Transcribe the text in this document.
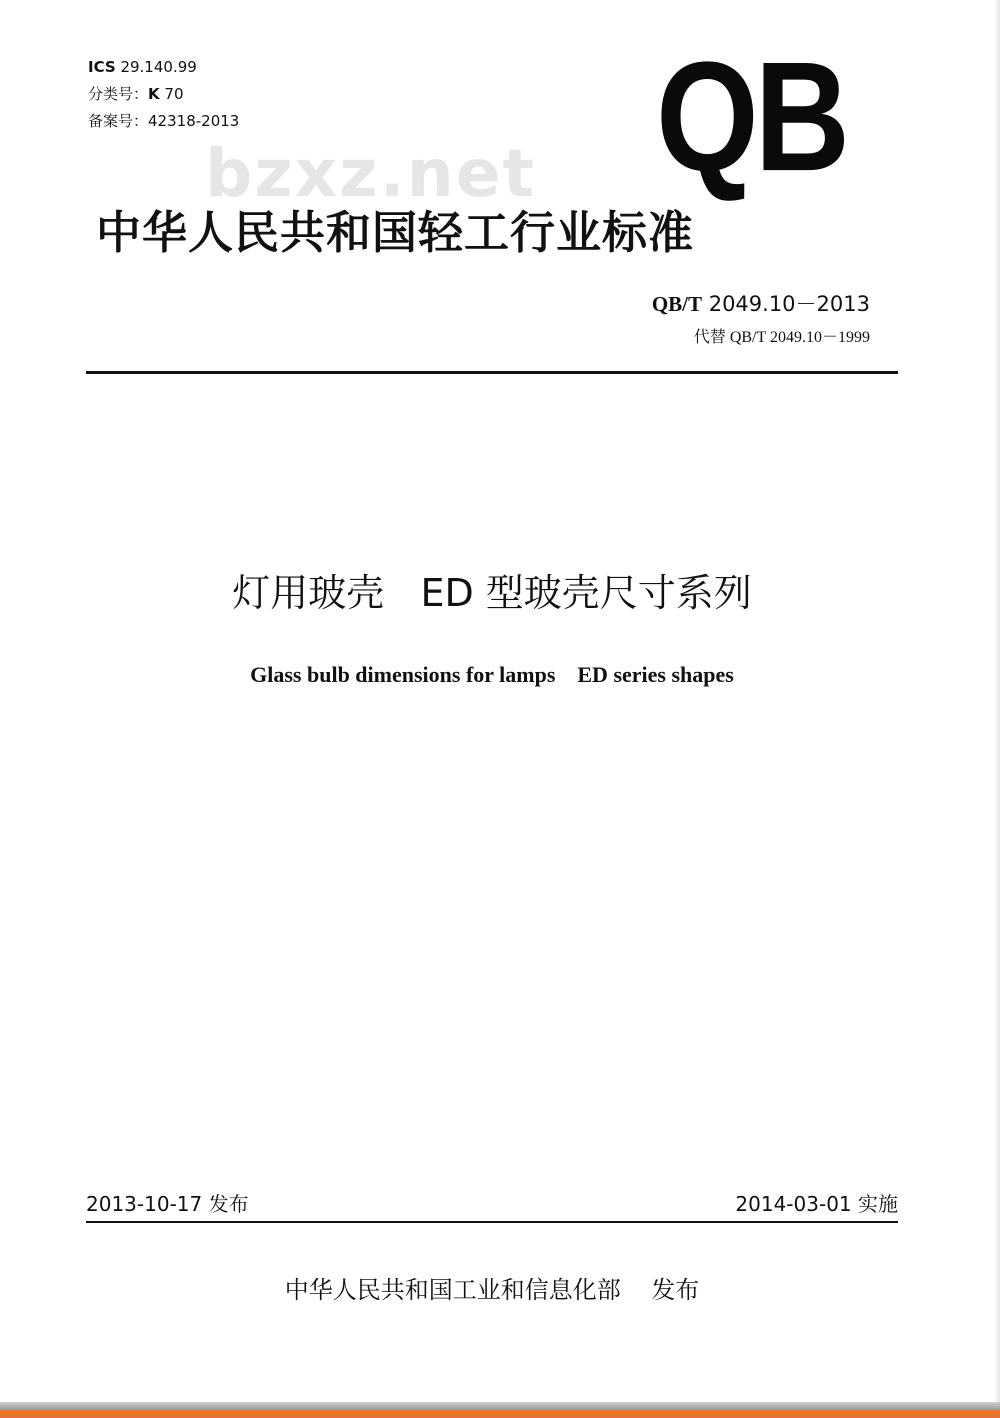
ICS 29.140.99
分类号：K 70
备案号：42318-2013	QB
bzxz.net
中华人民共和国轻工行业标准
QB/T 2049.10－2013
代替 QB/T 2049.10－1999
灯用玻壳   ED 型玻壳尺寸系列
Glass bulb dimensions for lamps    ED series shapes
2013-10-17 发布	2014-03-01 实施
中华人民共和国工业和信息化部    发布
